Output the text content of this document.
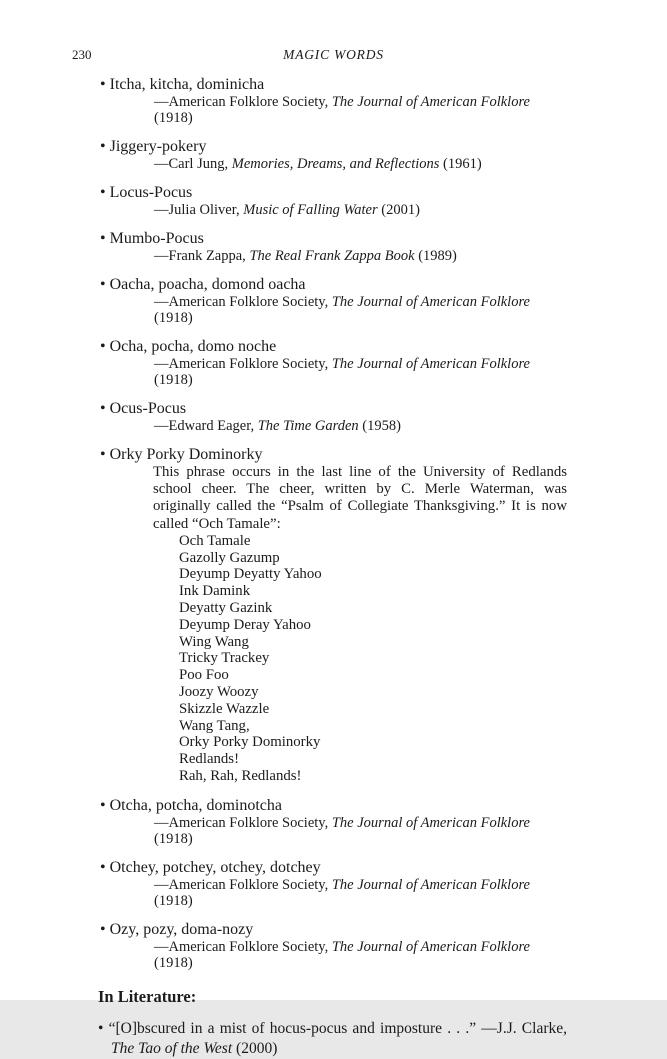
230	MAGIC WORDS
• Itcha, kitcha, dominicha
—American Folklore Society, The Journal of American Folklore (1918)
• Jiggery-pokery
—Carl Jung, Memories, Dreams, and Reflections (1961)
• Locus-Pocus
—Julia Oliver, Music of Falling Water (2001)
• Mumbo-Pocus
—Frank Zappa, The Real Frank Zappa Book (1989)
• Oacha, poacha, domond oacha
—American Folklore Society, The Journal of American Folklore (1918)
• Ocha, pocha, domo noche
—American Folklore Society, The Journal of American Folklore (1918)
• Ocus-Pocus
—Edward Eager, The Time Garden (1958)
• Orky Porky Dominorky
This phrase occurs in the last line of the University of Redlands school cheer. The cheer, written by C. Merle Waterman, was originally called the “Psalm of Collegiate Thanksgiving.” It is now called “Och Tamale”:
Och Tamale
Gazolly Gazump
Deyump Deyatty Yahoo
Ink Damink
Deyatty Gazink
Deyump Deray Yahoo
Wing Wang
Tricky Trackey
Poo Foo
Joozy Woozy
Skizzle Wazzle
Wang Tang,
Orky Porky Dominorky
Redlands!
Rah, Rah, Redlands!
• Otcha, potcha, dominotcha
—American Folklore Society, The Journal of American Folklore (1918)
• Otchey, potchey, otchey, dotchey
—American Folklore Society, The Journal of American Folklore (1918)
• Ozy, pozy, doma-nozy
—American Folklore Society, The Journal of American Folklore (1918)
In Literature:
• “[O]bscured in a mist of hocus-pocus and imposture . . .” —J.J. Clarke, The Tao of the West (2000)
